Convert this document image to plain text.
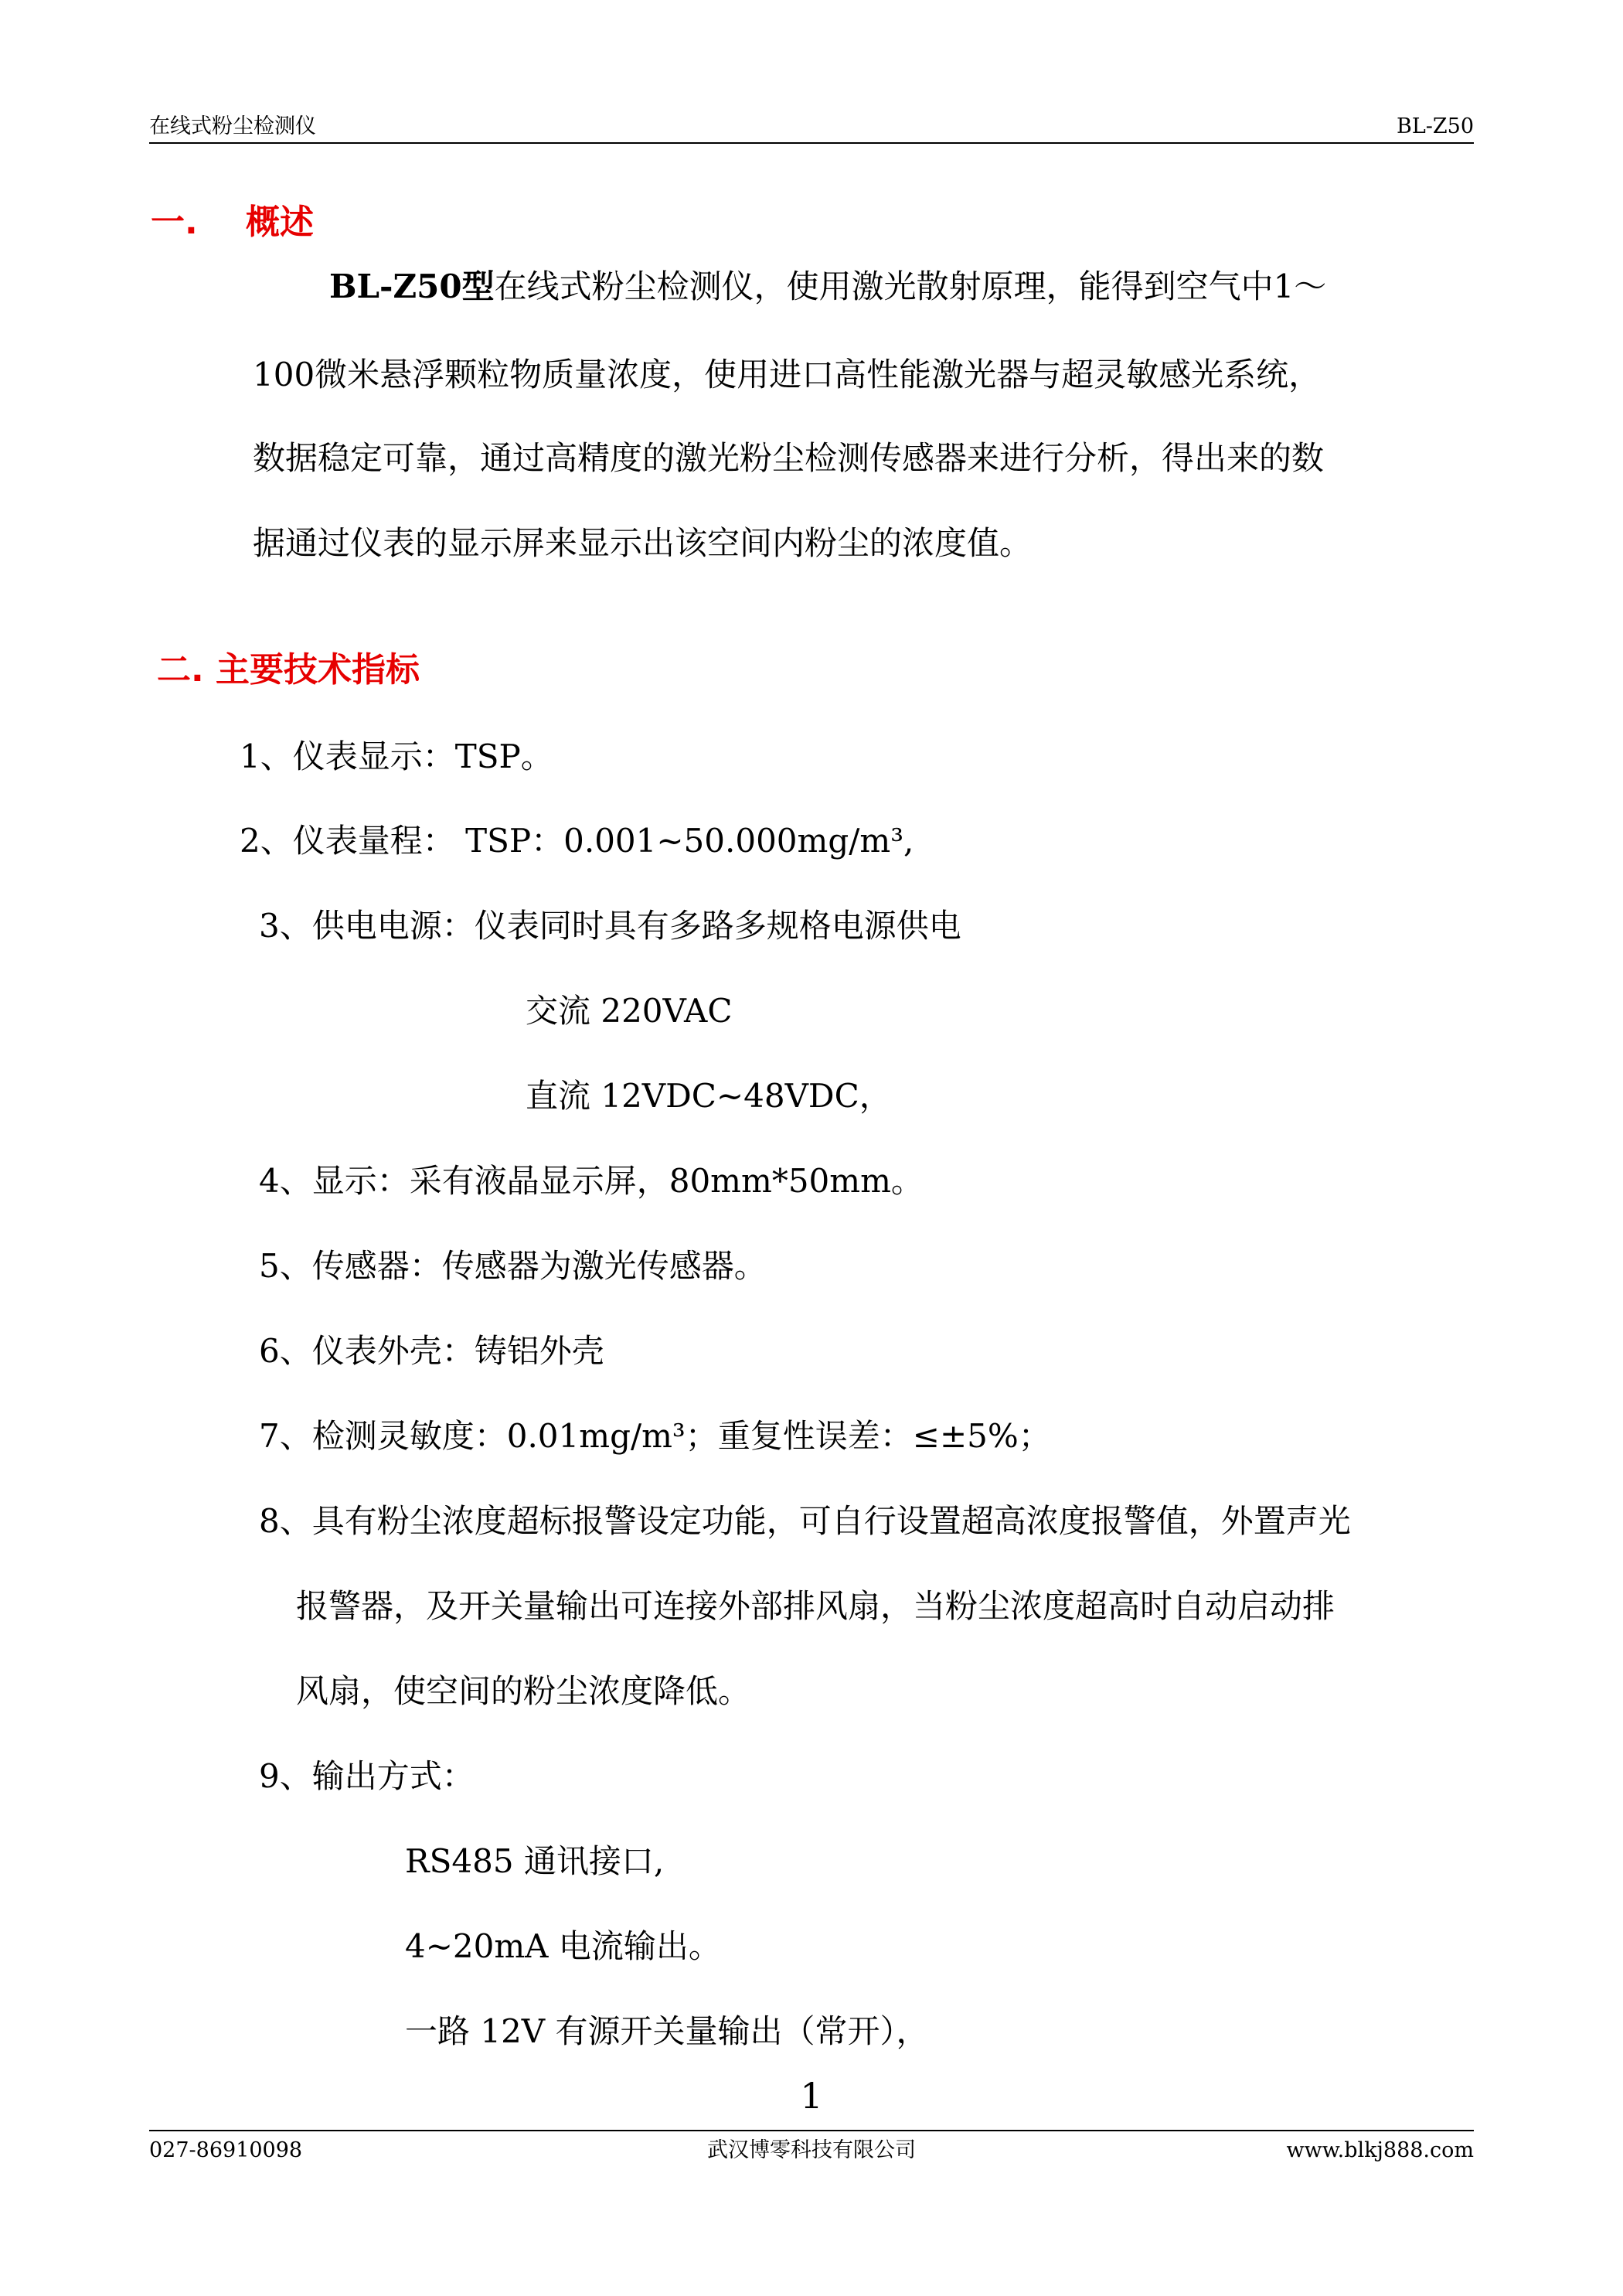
在线式粉尘检测仪	BL-Z50
一. 概述
BL-Z50型在线式粉尘检测仪，使用激光散射原理，能得到空气中1～
100微米悬浮颗粒物质量浓度，使用进口高性能激光器与超灵敏感光系统，
数据稳定可靠，通过高精度的激光粉尘检测传感器来进行分析，得出来的数
据通过仪表的显示屏来显示出该空间内粉尘的浓度值。
二. 主要技术指标
1、仪表显示：TSP。
2、仪表量程： TSP：0.001~50.000mg/m³,
3、供电电源：仪表同时具有多路多规格电源供电
交流 220VAC
直流 12VDC~48VDC，
4、显示：采有液晶显示屏，80mm*50mm。
5、传感器：传感器为激光传感器。
6、仪表外壳：铸铝外壳
7、检测灵敏度：0.01mg/m³；重复性误差：≤±5%；
8、具有粉尘浓度超标报警设定功能，可自行设置超高浓度报警值，外置声光
报警器，及开关量输出可连接外部排风扇，当粉尘浓度超高时自动启动排
风扇，使空间的粉尘浓度降低。
9、输出方式：
RS485 通讯接口,
4~20mA 电流输出。
一路 12V 有源开关量输出（常开），
1
027-86910098	武汉博零科技有限公司	www.blkj888.com
